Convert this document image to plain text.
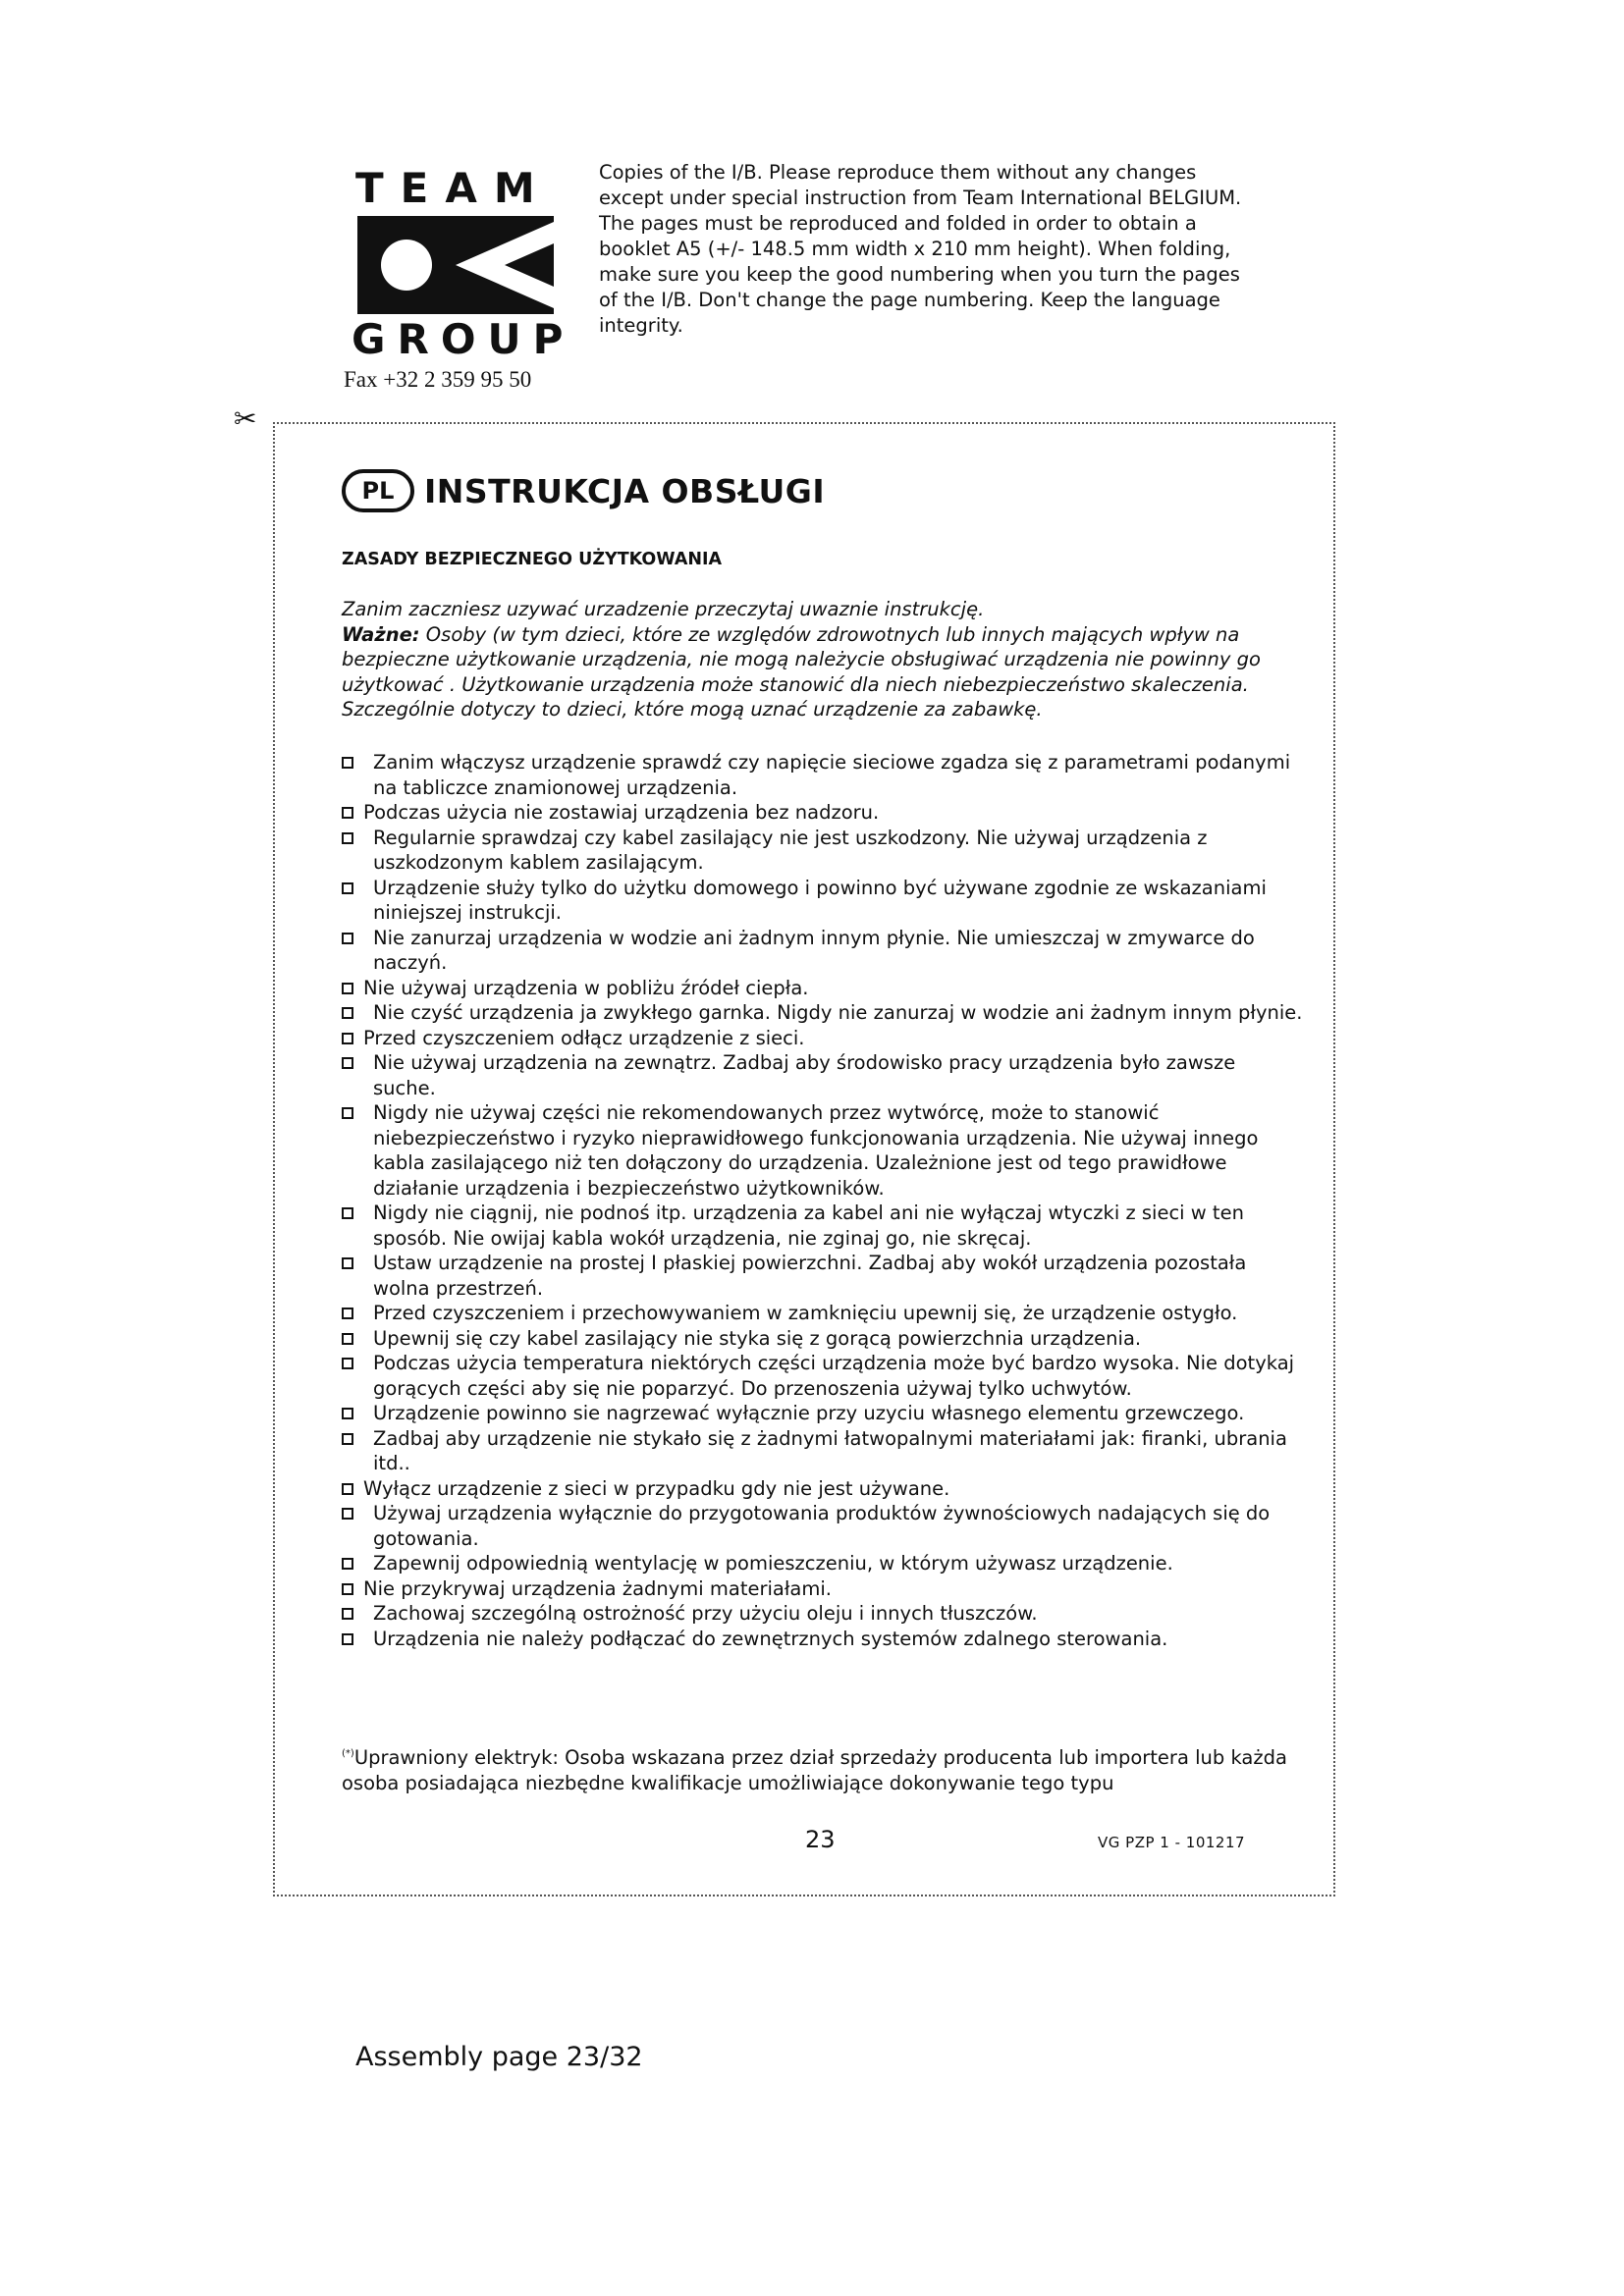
TEAM
GROUP
Fax +32 2 359 95 50

Copies of the I/B. Please reproduce them without any changes

except under special instruction from Team International BELGIUM.

The pages must be reproduced and folded in order to obtain a

booklet A5 (+/- 148.5 mm width x 210 mm height). When folding,

make sure you keep the good numbering when you turn the pages

of the I/B. Don't change the page numbering. Keep the language

integrity.

✂
PL INSTRUKCJA OBSŁUGI
ZASADY BEZPIECZNEGO UŻYTKOWANIA

Zanim zaczniesz uzywać urzadzenie przeczytaj uwaznie instrukcję.

Ważne: Osoby (w tym dzieci, które ze względów zdrowotnych lub innych mających wpływ na bezpieczne użytkowanie urządzenia, nie mogą należycie obsługiwać urządzenia nie powinny go użytkować . Użytkowanie urządzenia może stanowić dla niech niebezpieczeństwo skaleczenia. Szczególnie dotyczy to dzieci, które mogą uznać urządzenie za zabawkę.

Zanim włączysz urządzenie sprawdź czy napięcie sieciowe zgadza się z parametrami podanymi na tabliczce znamionowej urządzenia.
Podczas użycia nie zostawiaj urządzenia bez nadzoru.
Regularnie sprawdzaj czy kabel zasilający nie jest uszkodzony. Nie używaj urządzenia z uszkodzonym kablem zasilającym.
Urządzenie służy tylko do użytku domowego i powinno być używane zgodnie ze wskazaniami niniejszej instrukcji.
Nie zanurzaj urządzenia w wodzie ani żadnym innym płynie. Nie umieszczaj w zmywarce do naczyń.
Nie używaj urządzenia w pobliżu źródeł ciepła.
Nie czyść urządzenia ja zwykłego garnka. Nigdy nie zanurzaj w wodzie ani żadnym innym płynie.
Przed czyszczeniem odłącz urządzenie z sieci.
Nie używaj urządzenia na zewnątrz. Zadbaj aby środowisko pracy urządzenia było zawsze suche.
Nigdy nie używaj części nie rekomendowanych przez wytwórcę, może to stanowić niebezpieczeństwo i ryzyko nieprawidłowego funkcjonowania urządzenia. Nie używaj innego kabla zasilającego niż ten dołączony do urządzenia. Uzależnione jest od tego prawidłowe działanie urządzenia i bezpieczeństwo użytkowników.
Nigdy nie ciągnij, nie podnoś itp. urządzenia za kabel ani nie wyłączaj wtyczki z sieci w ten sposób. Nie owijaj kabla wokół urządzenia, nie zginaj go, nie skręcaj.
Ustaw urządzenie na prostej I płaskiej powierzchni. Zadbaj aby wokół urządzenia pozostała wolna przestrzeń.
Przed czyszczeniem i przechowywaniem w zamknięciu upewnij się, że urządzenie ostygło.
Upewnij się czy kabel zasilający nie styka się z gorącą powierzchnia urządzenia.
Podczas użycia temperatura niektórych części urządzenia może być bardzo wysoka. Nie dotykaj gorących części aby się nie poparzyć. Do przenoszenia używaj tylko uchwytów.
Urządzenie powinno sie nagrzewać wyłącznie przy uzyciu własnego elementu grzewczego.
Zadbaj aby urządzenie nie stykało się z żadnymi łatwopalnymi materiałami jak: firanki, ubrania itd..
Wyłącz urządzenie z sieci w przypadku gdy nie jest używane.
Używaj urządzenia wyłącznie do przygotowania produktów żywnościowych nadających się do gotowania.
Zapewnij odpowiednią wentylację w pomieszczeniu, w którym używasz urządzenie.
Nie przykrywaj urządzenia żadnymi materiałami.
Zachowaj szczególną ostrożność przy użyciu oleju i innych tłuszczów.
Urządzenia nie należy podłączać do zewnętrznych systemów zdalnego sterowania.
(*)Uprawniony elektryk: Osoba wskazana przez dział sprzedaży producenta lub importera lub każda osoba posiadająca niezbędne kwalifikacje umożliwiające dokonywanie tego typu
23	VG PZP 1 - 101217
Assembly page 23/32
